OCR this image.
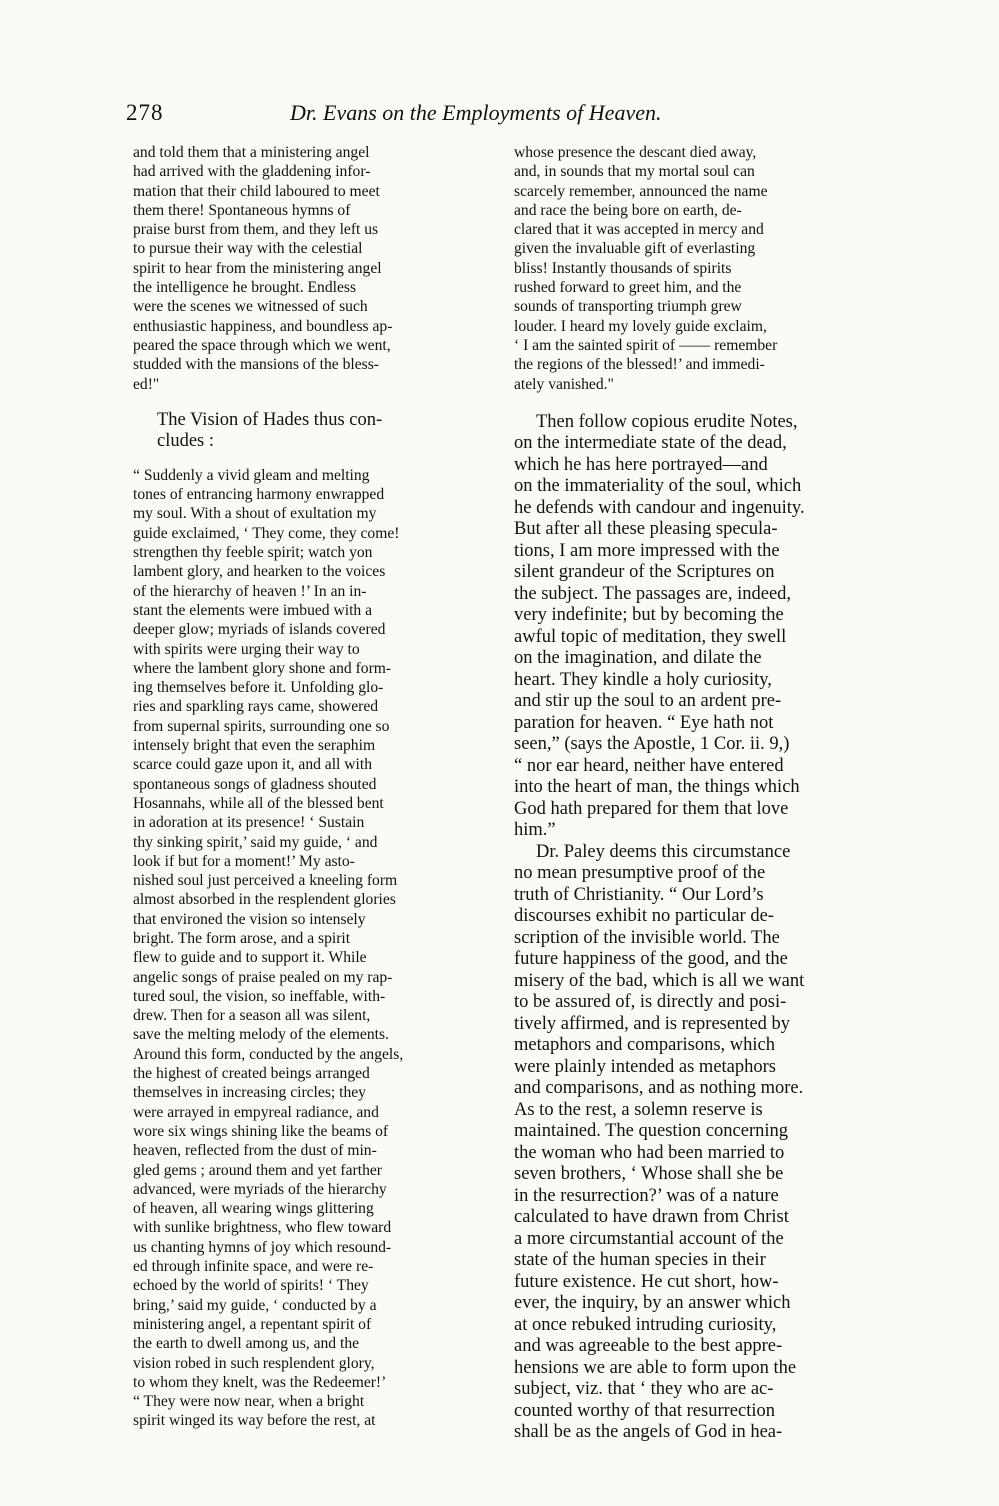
278	Dr. Evans on the Employments of Heaven.
and told them that a ministering angel
had arrived with the gladdening infor-
mation that their child laboured to meet
them there! Spontaneous hymns of
praise burst from them, and they left us
to pursue their way with the celestial
spirit to hear from the ministering angel
the intelligence he brought. Endless
were the scenes we witnessed of such
enthusiastic happiness, and boundless ap-
peared the space through which we went,
studded with the mansions of the bless-
ed!"
The Vision of Hades thus con-
cludes :
“ Suddenly a vivid gleam and melting
tones of entrancing harmony enwrapped
my soul. With a shout of exultation my
guide exclaimed, ‘ They come, they come!
strengthen thy feeble spirit; watch yon
lambent glory, and hearken to the voices
of the hierarchy of heaven !’ In an in-
stant the elements were imbued with a
deeper glow; myriads of islands covered
with spirits were urging their way to
where the lambent glory shone and form-
ing themselves before it. Unfolding glo-
ries and sparkling rays came, showered
from supernal spirits, surrounding one so
intensely bright that even the seraphim
scarce could gaze upon it, and all with
spontaneous songs of gladness shouted
Hosannahs, while all of the blessed bent
in adoration at its presence! ‘ Sustain
thy sinking spirit,’ said my guide, ‘ and
look if but for a moment!’ My asto-
nished soul just perceived a kneeling form
almost absorbed in the resplendent glories
that environed the vision so intensely
bright. The form arose, and a spirit
flew to guide and to support it. While
angelic songs of praise pealed on my rap-
tured soul, the vision, so ineffable, with-
drew. Then for a season all was silent,
save the melting melody of the elements.
Around this form, conducted by the angels,
the highest of created beings arranged
themselves in increasing circles; they
were arrayed in empyreal radiance, and
wore six wings shining like the beams of
heaven, reflected from the dust of min-
gled gems ; around them and yet farther
advanced, were myriads of the hierarchy
of heaven, all wearing wings glittering
with sunlike brightness, who flew toward
us chanting hymns of joy which resound-
ed through infinite space, and were re-
echoed by the world of spirits! ‘ They
bring,’ said my guide, ‘ conducted by a
ministering angel, a repentant spirit of
the earth to dwell among us, and the
vision robed in such resplendent glory,
to whom they knelt, was the Redeemer!’
“ They were now near, when a bright
spirit winged its way before the rest, at
whose presence the descant died away,
and, in sounds that my mortal soul can
scarcely remember, announced the name
and race the being bore on earth, de-
clared that it was accepted in mercy and
given the invaluable gift of everlasting
bliss! Instantly thousands of spirits
rushed forward to greet him, and the
sounds of transporting triumph grew
louder. I heard my lovely guide exclaim,
‘ I am the sainted spirit of —— remember
the regions of the blessed!’ and immedi-
ately vanished."
Then follow copious erudite Notes,
on the intermediate state of the dead,
which he has here portrayed—and
on the immateriality of the soul, which
he defends with candour and ingenuity.
But after all these pleasing specula-
tions, I am more impressed with the
silent grandeur of the Scriptures on
the subject. The passages are, indeed,
very indefinite; but by becoming the
awful topic of meditation, they swell
on the imagination, and dilate the
heart. They kindle a holy curiosity,
and stir up the soul to an ardent pre-
paration for heaven. “ Eye hath not
seen,” (says the Apostle, 1 Cor. ii. 9,)
“ nor ear heard, neither have entered
into the heart of man, the things which
God hath prepared for them that love
him.”
Dr. Paley deems this circumstance
no mean presumptive proof of the
truth of Christianity. “ Our Lord’s
discourses exhibit no particular de-
scription of the invisible world. The
future happiness of the good, and the
misery of the bad, which is all we want
to be assured of, is directly and posi-
tively affirmed, and is represented by
metaphors and comparisons, which
were plainly intended as metaphors
and comparisons, and as nothing more.
As to the rest, a solemn reserve is
maintained. The question concerning
the woman who had been married to
seven brothers, ‘ Whose shall she be
in the resurrection?’ was of a nature
calculated to have drawn from Christ
a more circumstantial account of the
state of the human species in their
future existence. He cut short, how-
ever, the inquiry, by an answer which
at once rebuked intruding curiosity,
and was agreeable to the best appre-
hensions we are able to form upon the
subject, viz. that ‘ they who are ac-
counted worthy of that resurrection
shall be as the angels of God in hea-
